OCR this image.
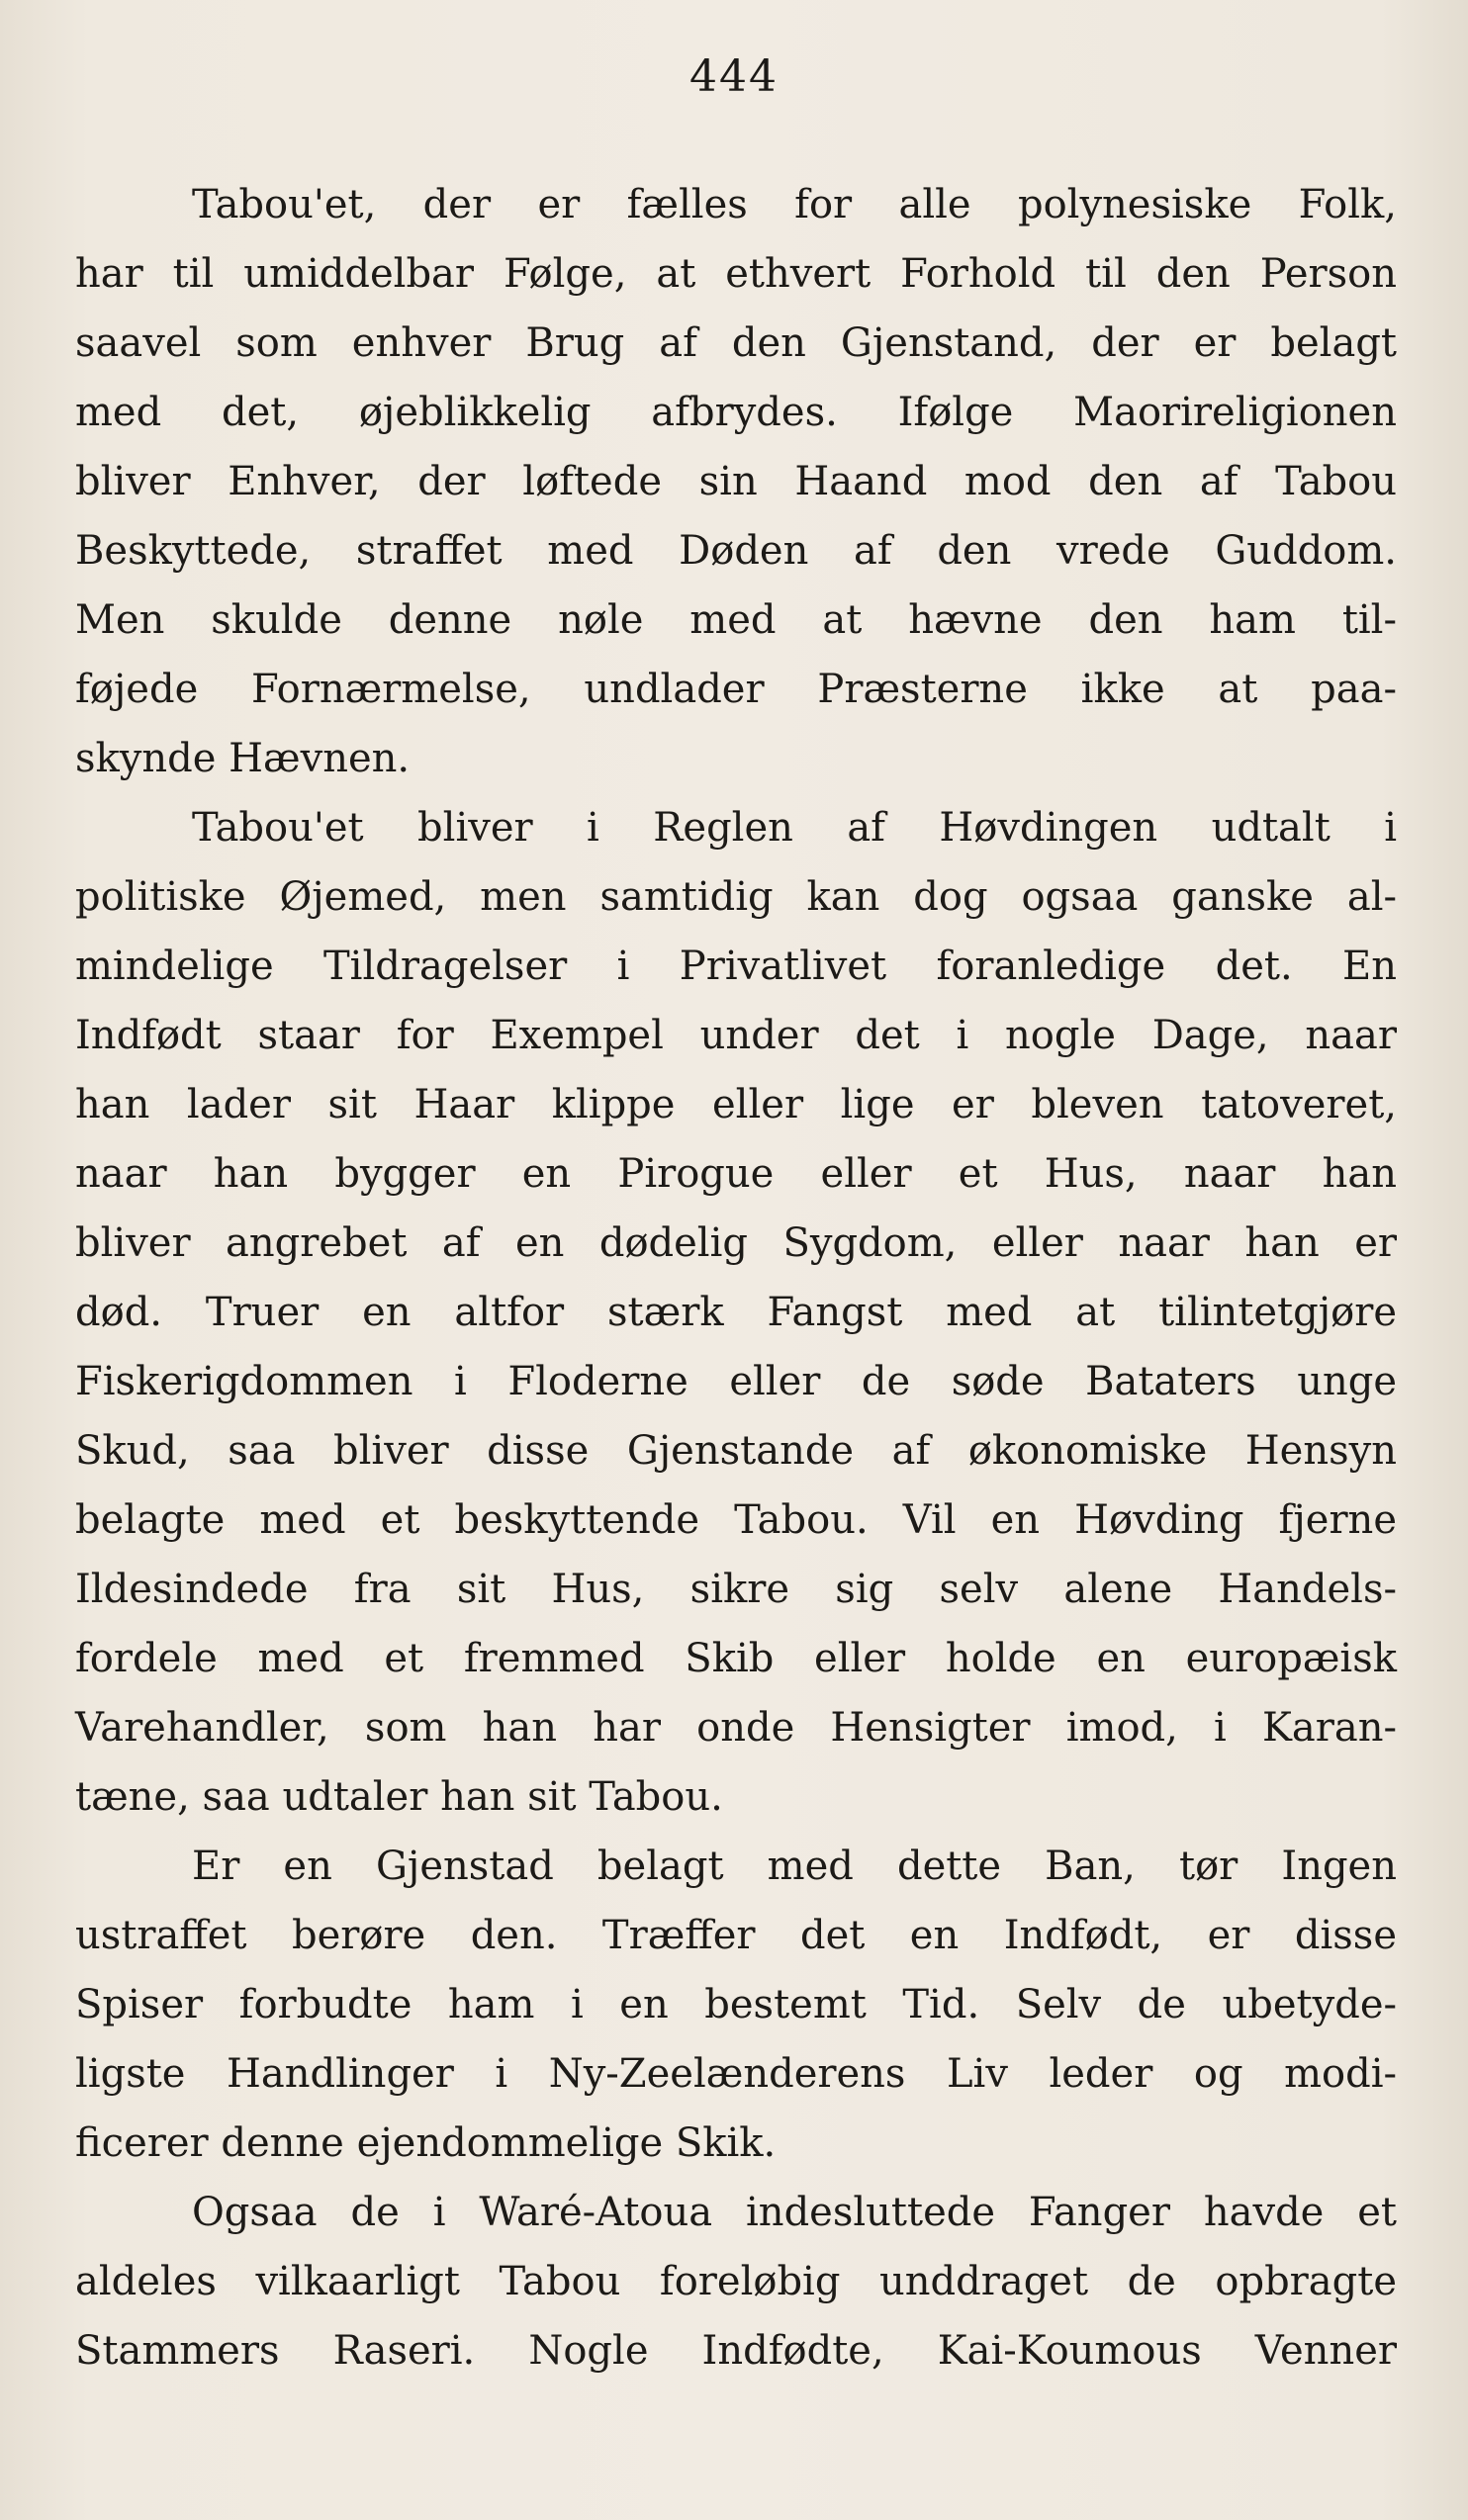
444
Tabou'et, der er fælles for alle polynesiske Folk,
har til umiddelbar Følge, at ethvert Forhold til den Person
saavel som enhver Brug af den Gjenstand, der er belagt
med det, øjeblikkelig afbrydes. Ifølge Maorireligionen
bliver Enhver, der løftede sin Haand mod den af Tabou
Beskyttede, straffet med Døden af den vrede Guddom.
Men skulde denne nøle med at hævne den ham til-
føjede Fornærmelse, undlader Præsterne ikke at paa-
skynde Hævnen.
Tabou'et bliver i Reglen af Høvdingen udtalt i
politiske Øjemed, men samtidig kan dog ogsaa ganske al-
mindelige Tildragelser i Privatlivet foranledige det. En
Indfødt staar for Exempel under det i nogle Dage, naar
han lader sit Haar klippe eller lige er bleven tatoveret,
naar han bygger en Pirogue eller et Hus, naar han
bliver angrebet af en dødelig Sygdom, eller naar han er
død. Truer en altfor stærk Fangst med at tilintetgjøre
Fiskerigdommen i Floderne eller de søde Bataters unge
Skud, saa bliver disse Gjenstande af økonomiske Hensyn
belagte med et beskyttende Tabou. Vil en Høvding fjerne
Ildesindede fra sit Hus, sikre sig selv alene Handels-
fordele med et fremmed Skib eller holde en europæisk
Varehandler, som han har onde Hensigter imod, i Karan-
tæne, saa udtaler han sit Tabou.
Er en Gjenstad belagt med dette Ban, tør Ingen
ustraffet berøre den. Træffer det en Indfødt, er disse
Spiser forbudte ham i en bestemt Tid. Selv de ubetyde-
ligste Handlinger i Ny-Zeelænderens Liv leder og modi-
ficerer denne ejendommelige Skik.
Ogsaa de i Waré-Atoua indesluttede Fanger havde et
aldeles vilkaarligt Tabou foreløbig unddraget de opbragte
Stammers Raseri. Nogle Indfødte, Kai-Koumous Venner
